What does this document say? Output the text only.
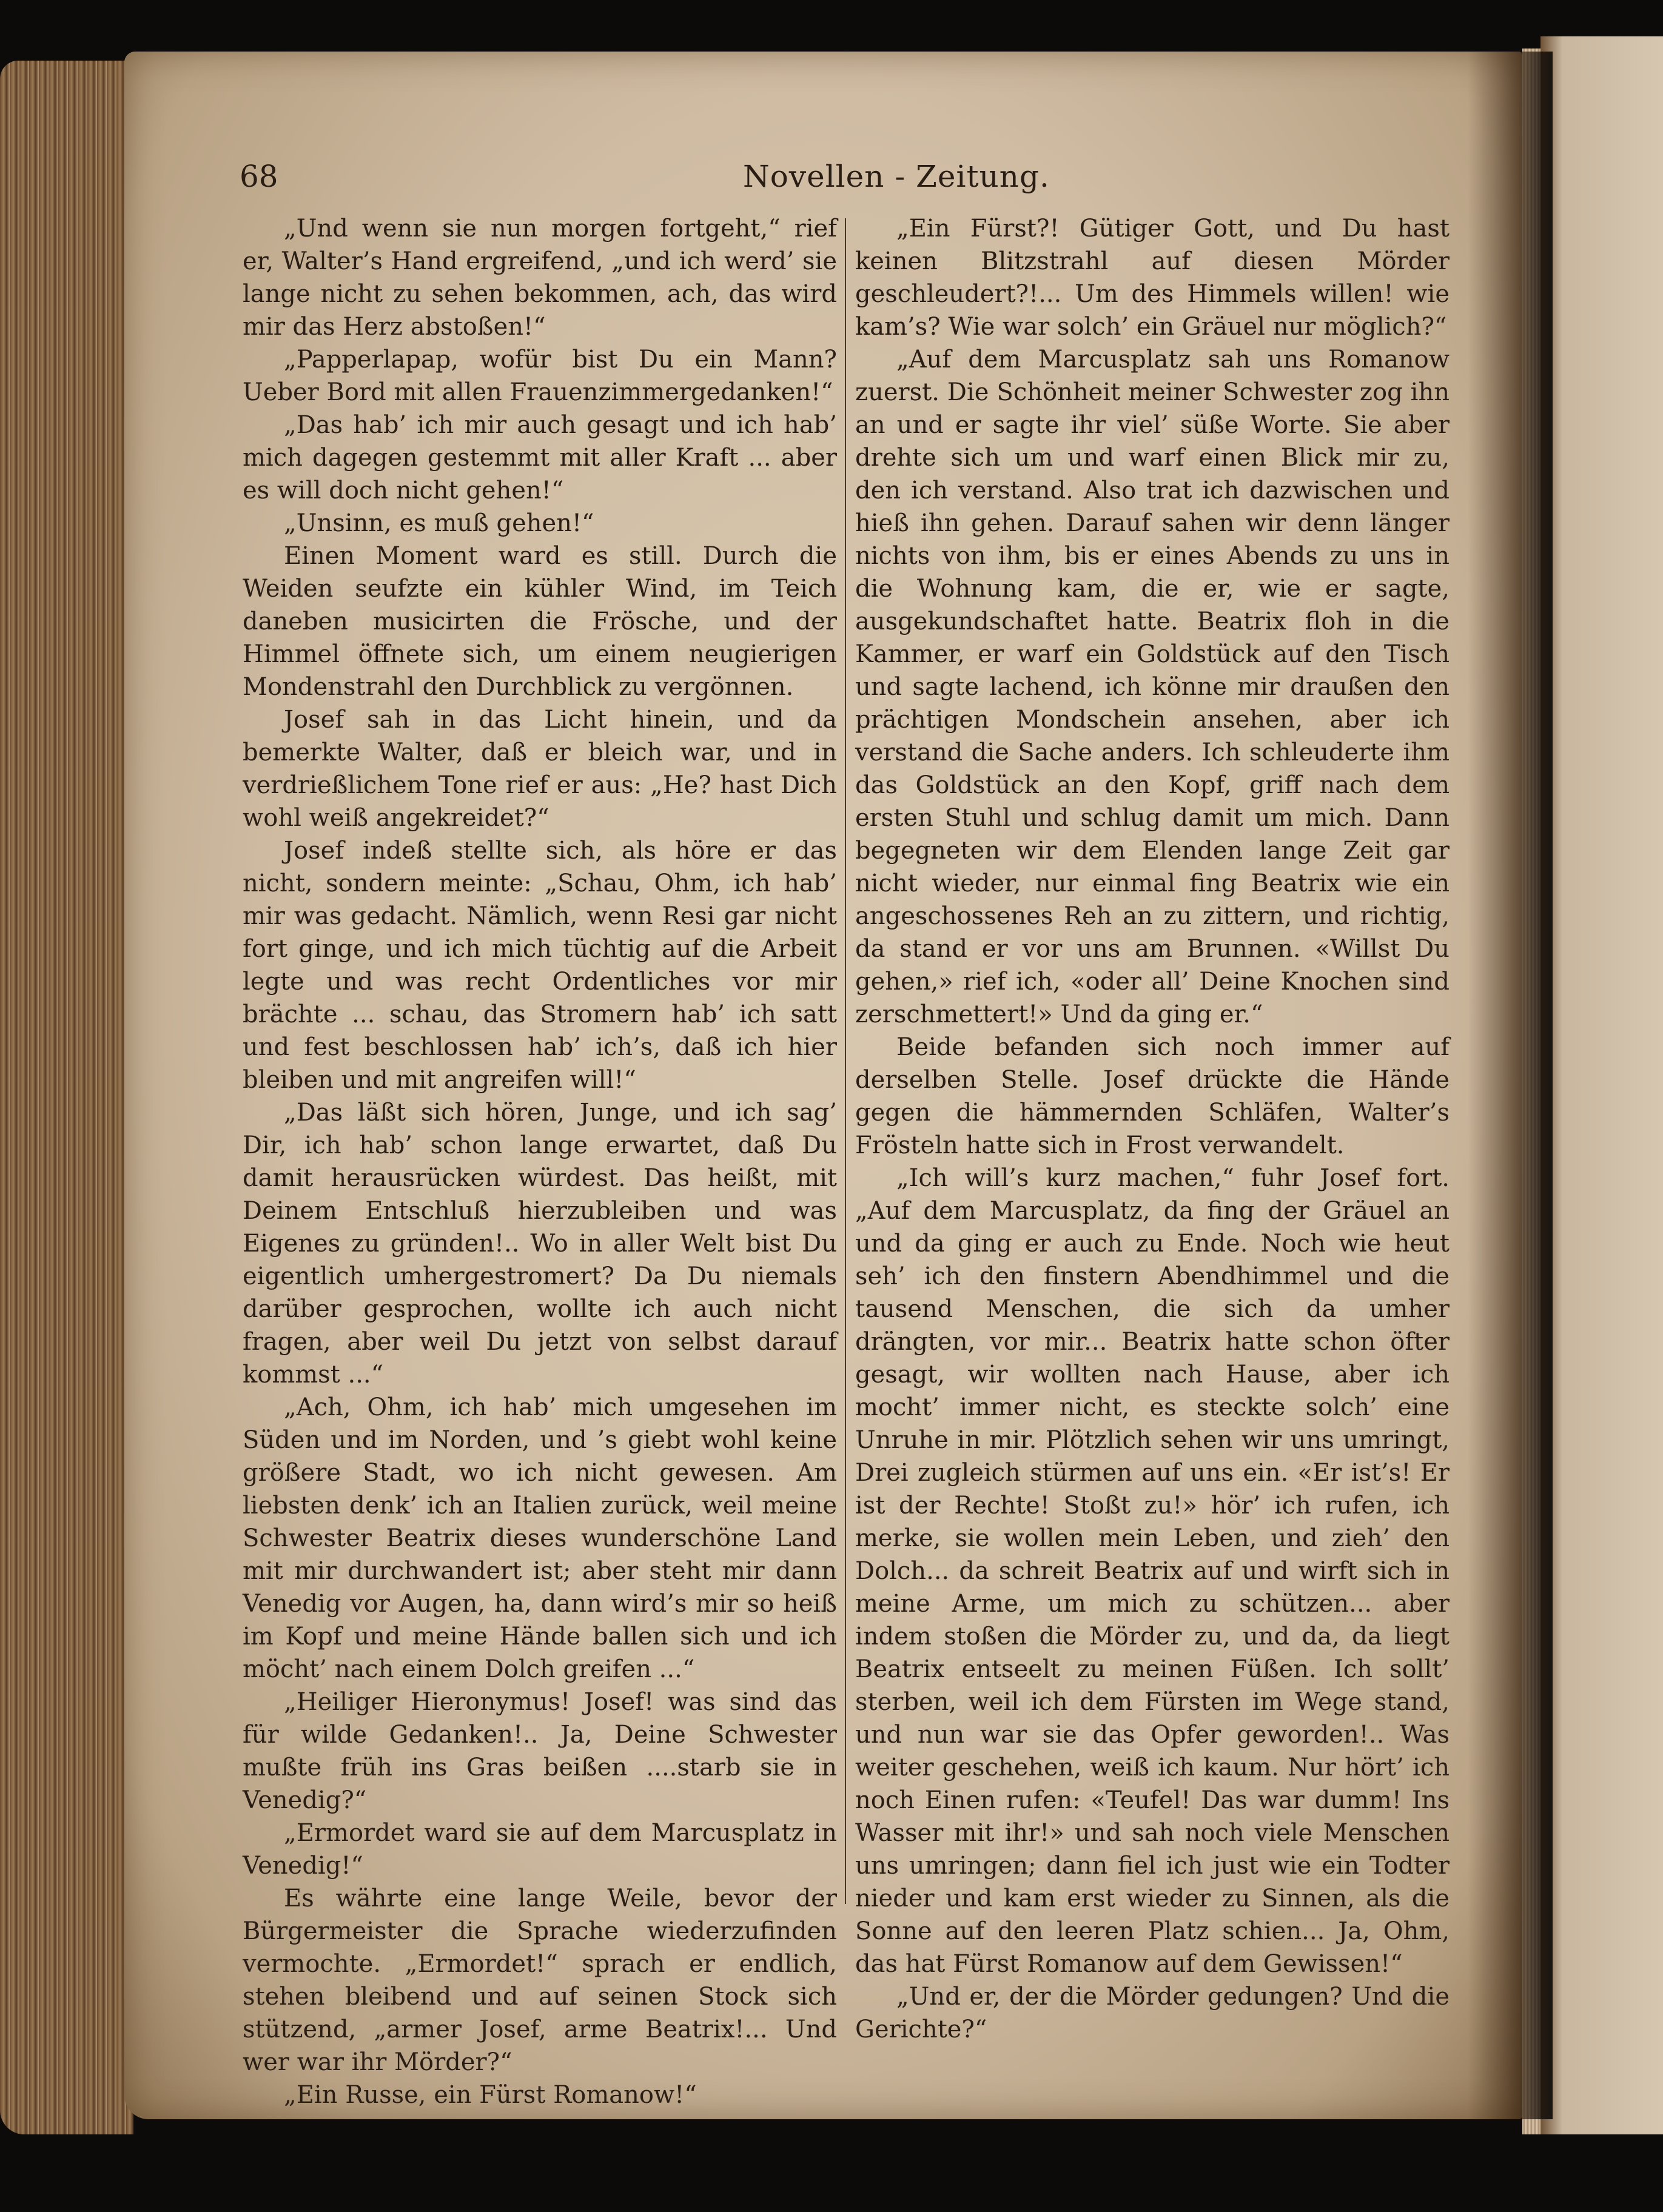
68	Novellen - Zeitung.

„Und wenn sie nun morgen fortgeht,“ rief er, Walter’s Hand ergreifend, „und ich werd’ sie lange nicht zu sehen bekommen, ach, das wird mir das Herz abstoßen!“

„Papperlapap, wofür bist Du ein Mann? Ueber Bord mit allen Frauenzimmergedanken!“

„Das hab’ ich mir auch gesagt und ich hab’ mich dagegen gestemmt mit aller Kraft ... aber es will doch nicht gehen!“

„Unsinn, es muß gehen!“

Einen Moment ward es still. Durch die Weiden seufzte ein kühler Wind, im Teich daneben musicirten die Frösche, und der Himmel öffnete sich, um einem neugierigen Mondenstrahl den Durchblick zu vergönnen.

Josef sah in das Licht hinein, und da bemerkte Walter, daß er bleich war, und in verdrießlichem Tone rief er aus: „He? hast Dich wohl weiß angekreidet?“

Josef indeß stellte sich, als höre er das nicht, sondern meinte: „Schau, Ohm, ich hab’ mir was gedacht. Nämlich, wenn Resi gar nicht fort ginge, und ich mich tüchtig auf die Arbeit legte und was recht Ordentliches vor mir brächte ... schau, das Stromern hab’ ich satt und fest beschlossen hab’ ich’s, daß ich hier bleiben und mit angreifen will!“

„Das läßt sich hören, Junge, und ich sag’ Dir, ich hab’ schon lange erwartet, daß Du damit herausrücken würdest. Das heißt, mit Deinem Entschluß hierzubleiben und was Eigenes zu gründen!.. Wo in aller Welt bist Du eigentlich umhergestromert? Da Du niemals darüber gesprochen, wollte ich auch nicht fragen, aber weil Du jetzt von selbst darauf kommst ...“

„Ach, Ohm, ich hab’ mich umgesehen im Süden und im Norden, und ’s giebt wohl keine größere Stadt, wo ich nicht gewesen. Am liebsten denk’ ich an Italien zurück, weil meine Schwester Beatrix dieses wunderschöne Land mit mir durchwandert ist; aber steht mir dann Venedig vor Augen, ha, dann wird’s mir so heiß im Kopf und meine Hände ballen sich und ich möcht’ nach einem Dolch greifen ...“

„Heiliger Hieronymus! Josef! was sind das für wilde Gedanken!.. Ja, Deine Schwester mußte früh ins Gras beißen ....starb sie in Venedig?“

„Ermordet ward sie auf dem Marcusplatz in Venedig!“

Es währte eine lange Weile, bevor der Bürgermeister die Sprache wiederzufinden vermochte. „Ermordet!“ sprach er endlich, stehen bleibend und auf seinen Stock sich stützend, „armer Josef, arme Beatrix!... Und wer war ihr Mörder?“

„Ein Russe, ein Fürst Romanow!“

„Ein Fürst?! Gütiger Gott, und Du hast keinen Blitzstrahl auf diesen Mörder geschleudert?!... Um des Himmels willen! wie kam’s? Wie war solch’ ein Gräuel nur möglich?“

„Auf dem Marcusplatz sah uns Romanow zuerst. Die Schönheit meiner Schwester zog ihn an und er sagte ihr viel’ süße Worte. Sie aber drehte sich um und warf einen Blick mir zu, den ich verstand. Also trat ich dazwischen und hieß ihn gehen. Darauf sahen wir denn länger nichts von ihm, bis er eines Abends zu uns in die Wohnung kam, die er, wie er sagte, ausgekundschaftet hatte. Beatrix floh in die Kammer, er warf ein Goldstück auf den Tisch und sagte lachend, ich könne mir draußen den prächtigen Mondschein ansehen, aber ich verstand die Sache anders. Ich schleuderte ihm das Goldstück an den Kopf, griff nach dem ersten Stuhl und schlug damit um mich. Dann begegneten wir dem Elenden lange Zeit gar nicht wieder, nur einmal fing Beatrix wie ein angeschossenes Reh an zu zittern, und richtig, da stand er vor uns am Brunnen. «Willst Du gehen,» rief ich, «oder all’ Deine Knochen sind zerschmettert!» Und da ging er.“

Beide befanden sich noch immer auf derselben Stelle. Josef drückte die Hände gegen die hämmernden Schläfen, Walter’s Frösteln hatte sich in Frost verwandelt.

„Ich will’s kurz machen,“ fuhr Josef fort. „Auf dem Marcusplatz, da fing der Gräuel an und da ging er auch zu Ende. Noch wie heut seh’ ich den finstern Abendhimmel und die tausend Menschen, die sich da umher drängten, vor mir... Beatrix hatte schon öfter gesagt, wir wollten nach Hause, aber ich mocht’ immer nicht, es steckte solch’ eine Unruhe in mir. Plötzlich sehen wir uns umringt, Drei zugleich stürmen auf uns ein. «Er ist’s! Er ist der Rechte! Stoßt zu!» hör’ ich rufen, ich merke, sie wollen mein Leben, und zieh’ den Dolch... da schreit Beatrix auf und wirft sich in meine Arme, um mich zu schützen... aber indem stoßen die Mörder zu, und da, da liegt Beatrix entseelt zu meinen Füßen. Ich sollt’ sterben, weil ich dem Fürsten im Wege stand, und nun war sie das Opfer geworden!.. Was weiter geschehen, weiß ich kaum. Nur hört’ ich noch Einen rufen: «Teufel! Das war dumm! Ins Wasser mit ihr!» und sah noch viele Menschen uns umringen; dann fiel ich just wie ein Todter nieder und kam erst wieder zu Sinnen, als die Sonne auf den leeren Platz schien... Ja, Ohm, das hat Fürst Romanow auf dem Gewissen!“

„Und er, der die Mörder gedungen? Und die Gerichte?“
